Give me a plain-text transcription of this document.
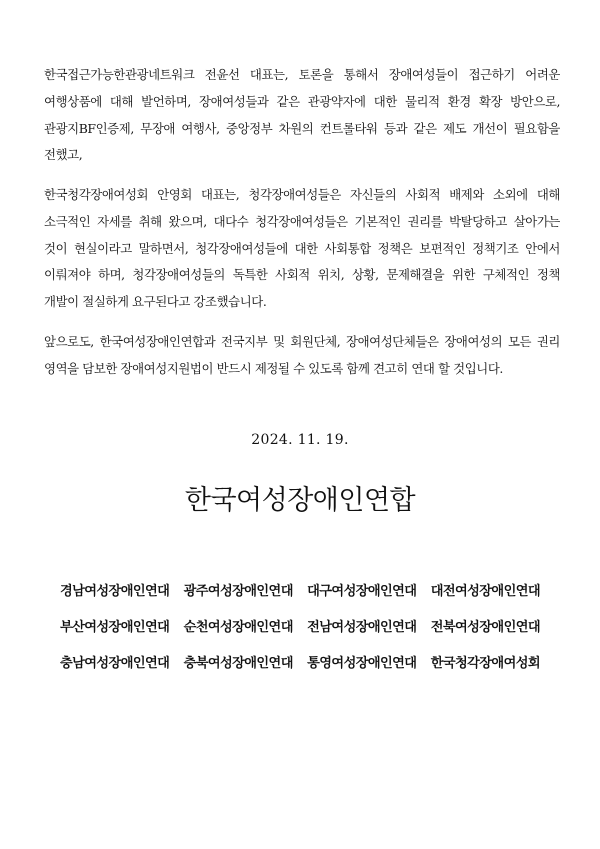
한국접근가능한관광네트워크 전윤선 대표는, 토론을 통해서 장애여성들이 접근하기 어려운
여행상품에 대해 발언하며, 장애여성들과 같은 관광약자에 대한 물리적 환경 확장 방안으로,
관광지BF인증제, 무장애 여행사, 중앙정부 차원의 컨트롤타워 등과 같은 제도 개선이 필요함을
전했고,
한국청각장애여성회 안영회 대표는, 청각장애여성들은 자신들의 사회적 배제와 소외에 대해
소극적인 자세를 취해 왔으며, 대다수 청각장애여성들은 기본적인 권리를 박탈당하고 살아가는
것이 현실이라고 말하면서, 청각장애여성들에 대한 사회통합 정책은 보편적인 정책기조 안에서
이뤄져야 하며, 청각장애여성들의 독특한 사회적 위치, 상황, 문제해결을 위한 구체적인 정책
개발이 절실하게 요구된다고 강조했습니다.
앞으로도, 한국여성장애인연합과 전국지부 및 회원단체, 장애여성단체들은 장애여성의 모든 권리
영역을 담보한 장애여성지원법이 반드시 제정될 수 있도록 함께 견고히 연대 할 것입니다.
2024. 11. 19.
한국여성장애인연합
경남여성장애인연대 광주여성장애인연대 대구여성장애인연대 대전여성장애인연대
부산여성장애인연대 순천여성장애인연대 전남여성장애인연대 전북여성장애인연대
충남여성장애인연대 충북여성장애인연대 통영여성장애인연대 한국청각장애여성회
